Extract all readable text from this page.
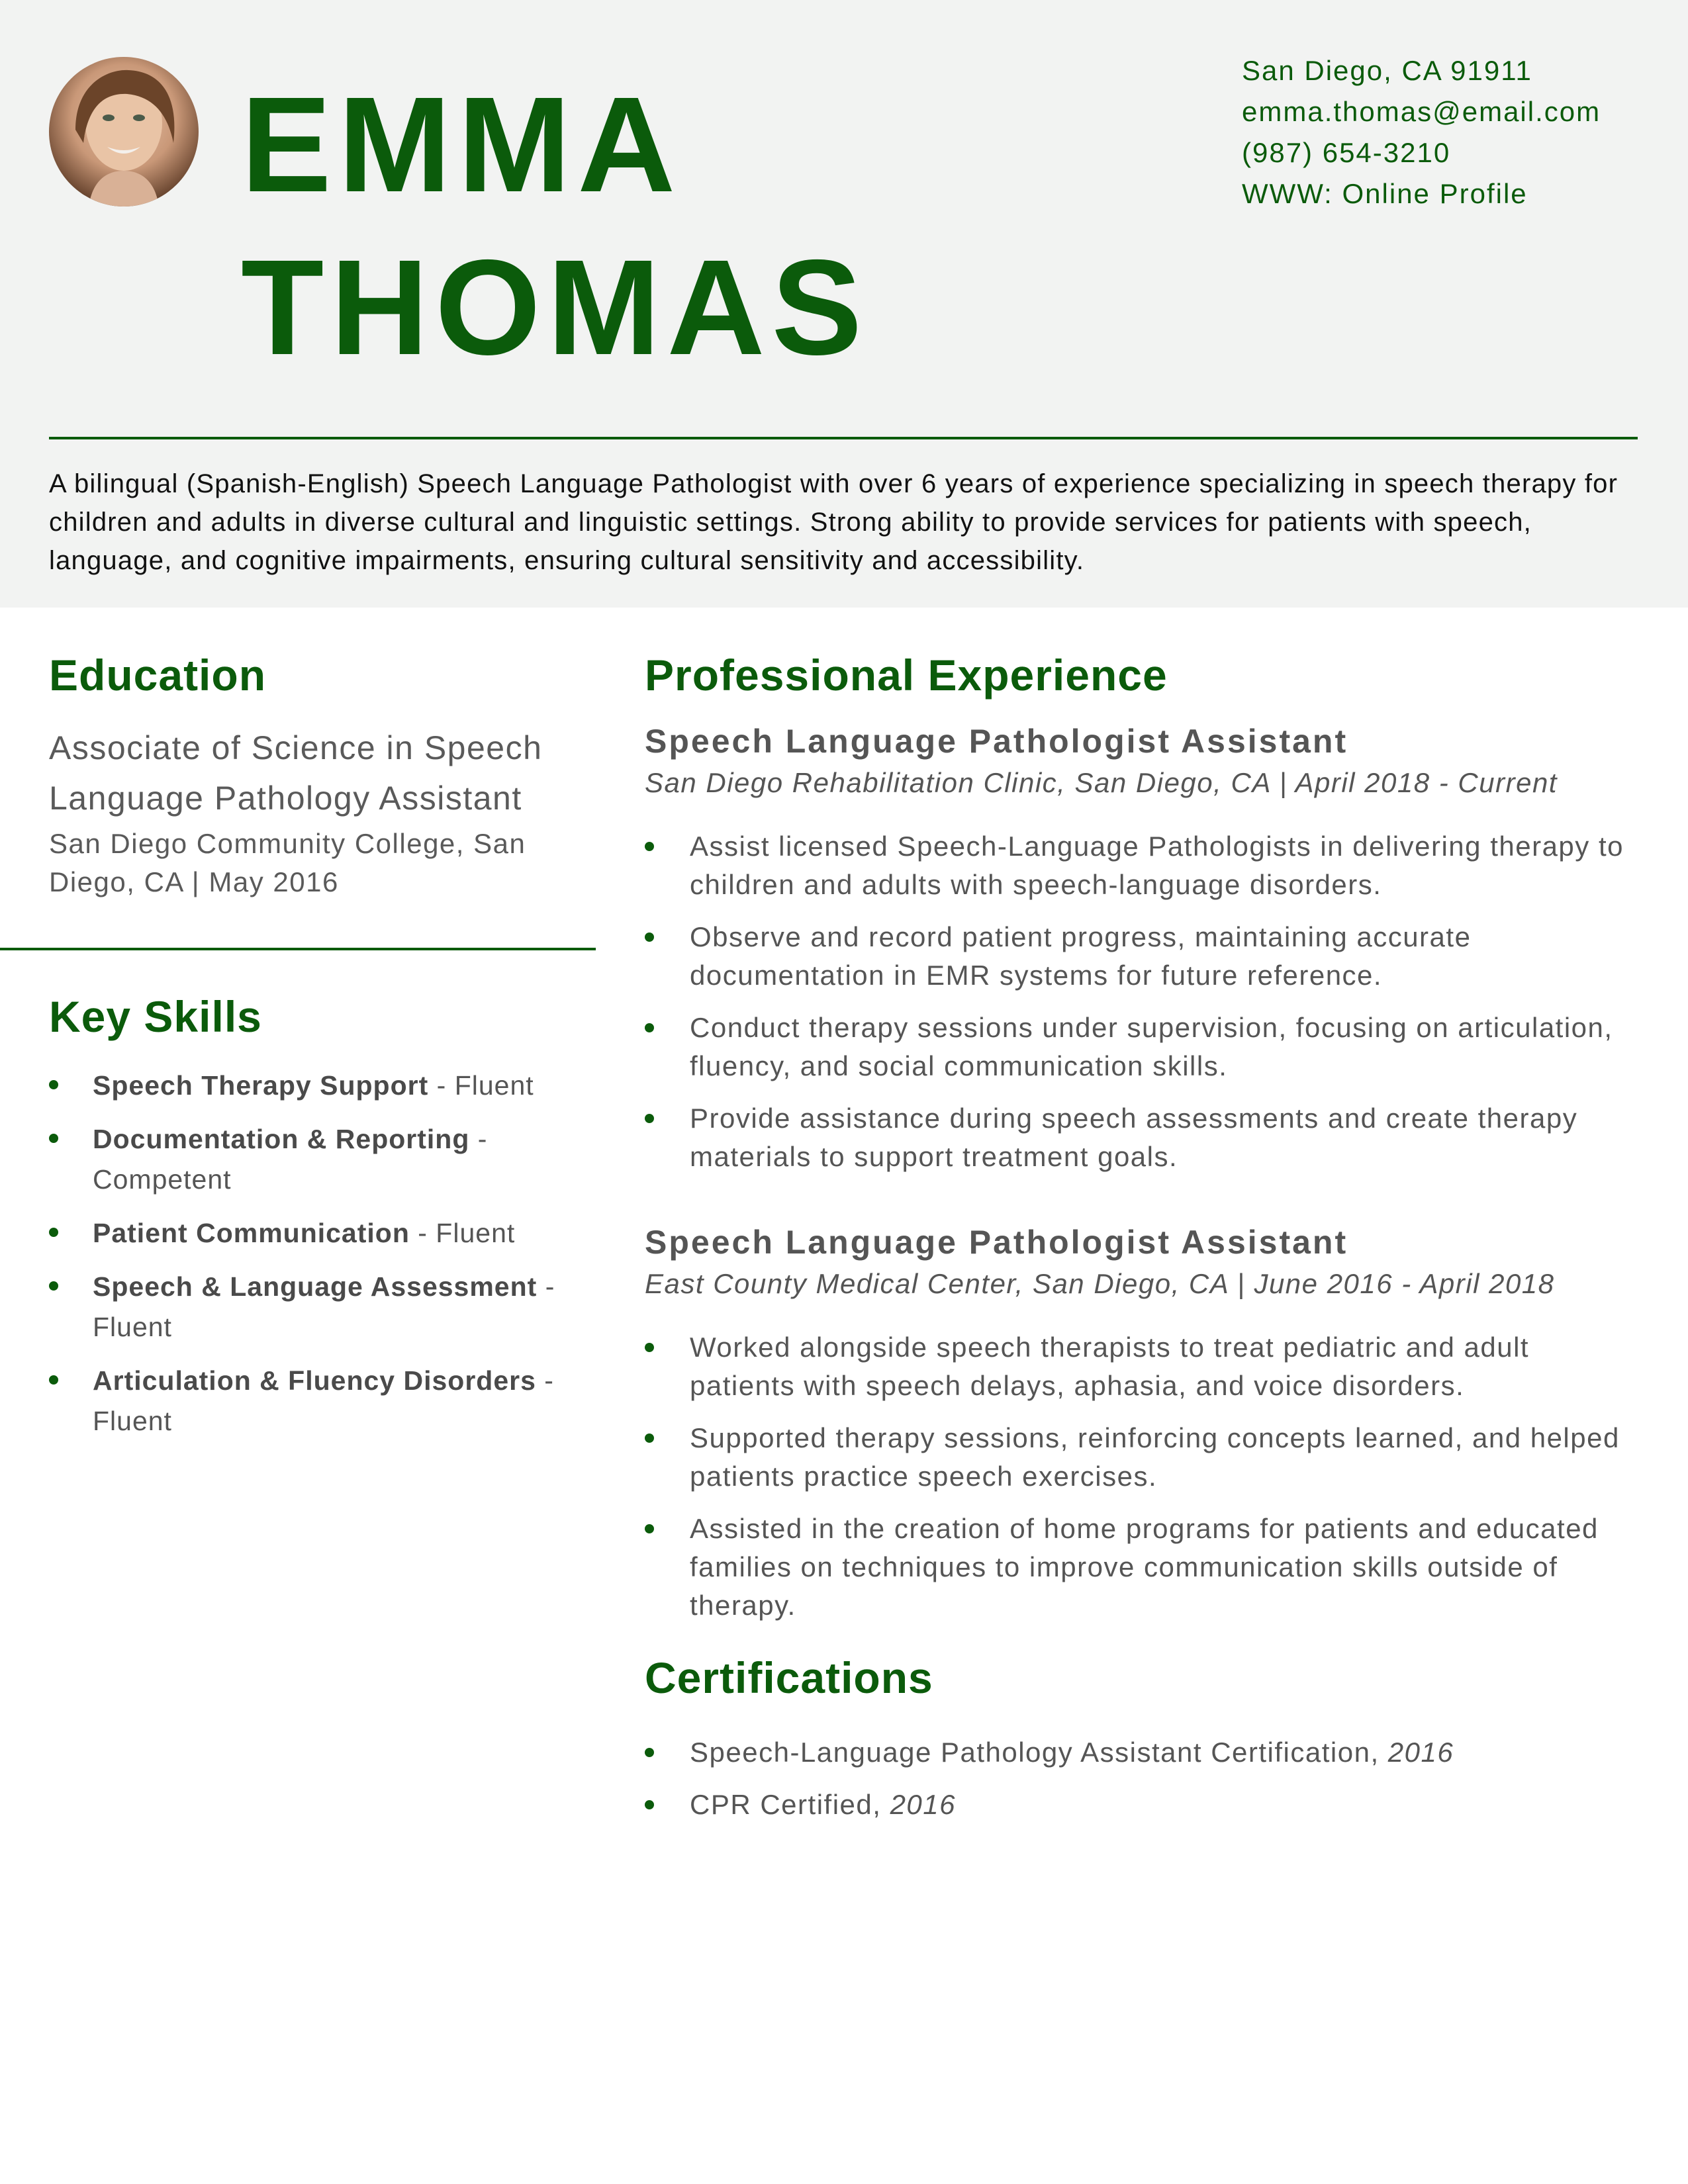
EMMA
THOMAS
San Diego, CA 91911
emma.thomas@email.com
(987) 654-3210
WWW: Online Profile

A bilingual (Spanish-English) Speech Language Pathologist with over 6 years of experience specializing in speech therapy for children and adults in diverse cultural and linguistic settings. Strong ability to provide services for patients with speech, language, and cognitive impairments, ensuring cultural sensitivity and accessibility.

Education

Associate of Science in Speech Language Pathology Assistant

San Diego Community College, San Diego, CA | May 2016

Key Skills
Speech Therapy Support - Fluent
Documentation & Reporting - Competent
Patient Communication - Fluent
Speech & Language Assessment - Fluent
Articulation & Fluency Disorders - Fluent
Professional Experience
Speech Language Pathologist Assistant

San Diego Rehabilitation Clinic, San Diego, CA | April 2018 - Current

Assist licensed Speech-Language Pathologists in delivering therapy to children and adults with speech-language disorders.
Observe and record patient progress, maintaining accurate documentation in EMR systems for future reference.
Conduct therapy sessions under supervision, focusing on articulation, fluency, and social communication skills.
Provide assistance during speech assessments and create therapy materials to support treatment goals.
Speech Language Pathologist Assistant

East County Medical Center, San Diego, CA | June 2016 - April 2018

Worked alongside speech therapists to treat pediatric and adult patients with speech delays, aphasia, and voice disorders.
Supported therapy sessions, reinforcing concepts learned, and helped patients practice speech exercises.
Assisted in the creation of home programs for patients and educated families on techniques to improve communication skills outside of therapy.
Certifications
Speech-Language Pathology Assistant Certification, 2016
CPR Certified, 2016
